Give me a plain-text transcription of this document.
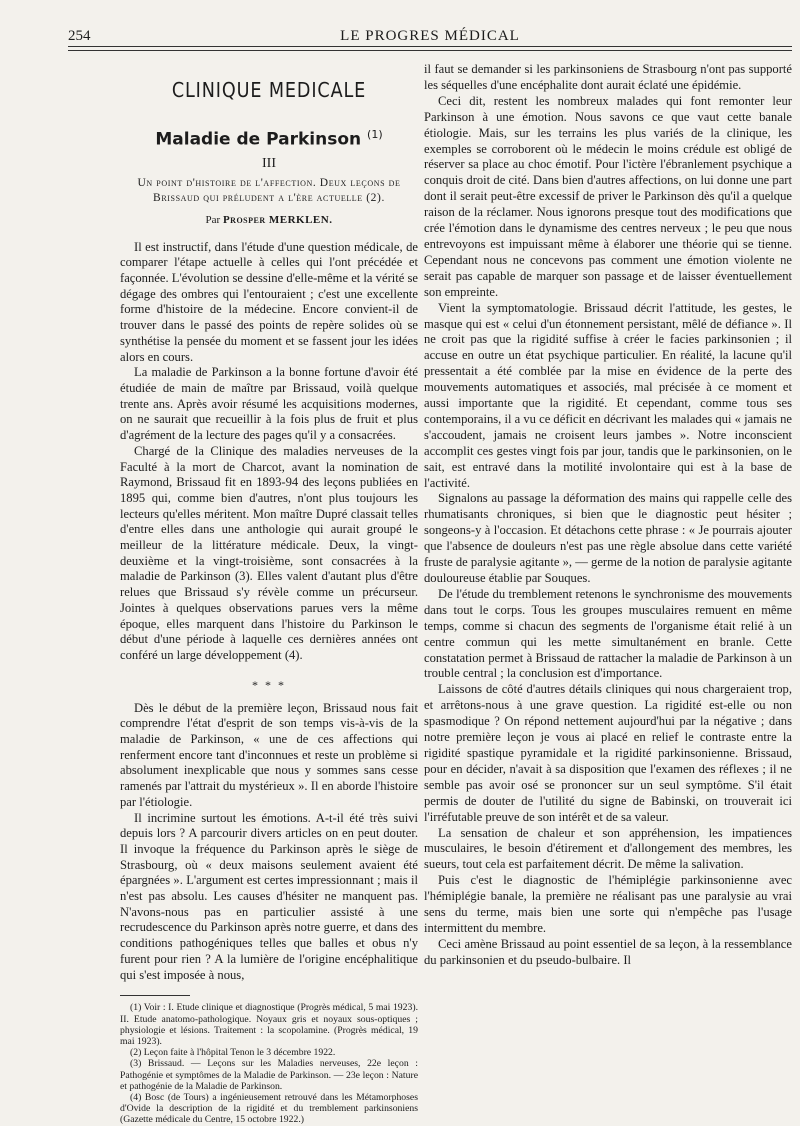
254	LE PROGRES MÉDICAL
CLINIQUE MEDICALE
Maladie de Parkinson $^{(1)}$
III
Un point d'histoire de l'affection. Deux leçons de Brissaud qui préludent a l'ère actuelle (2).
Par Prosper MERKLEN.

Il est instructif, dans l'étude d'une question médicale, de comparer l'étape actuelle à celles qui l'ont précédée et façonnée. L'évolution se dessine d'elle-même et la vérité se dégage des ombres qui l'entouraient ; c'est une excellente forme d'histoire de la médecine. Encore convient-il de trouver dans le passé des points de repère solides où se synthétise la pensée du moment et se fassent jour les idées alors en cours.

La maladie de Parkinson a la bonne fortune d'avoir été étudiée de main de maître par Brissaud, voilà quelque trente ans. Après avoir résumé les acquisitions modernes, on ne saurait que recueillir à la fois plus de fruit et plus d'agrément de la lecture des pages qu'il y a consacrées.

Chargé de la Clinique des maladies nerveuses de la Faculté à la mort de Charcot, avant la nomination de Raymond, Brissaud fit en 1893-94 des leçons publiées en 1895 qui, comme bien d'autres, n'ont plus toujours les lecteurs qu'elles méritent. Mon maître Dupré classait telles d'entre elles dans une anthologie qui aurait groupé le meilleur de la littérature médicale. Deux, la vingt-deuxième et la vingt-troisième, sont consacrées à la maladie de Parkinson (3). Elles valent d'autant plus d'être relues que Brissaud s'y révèle comme un précurseur. Jointes à quelques observations parues vers la même époque, elles marquent dans l'histoire du Parkinson le début d'une période à laquelle ces dernières années ont conféré un large développement (4).

* * *

Dès le début de la première leçon, Brissaud nous fait comprendre l'état d'esprit de son temps vis-à-vis de la maladie de Parkinson, « une de ces affections qui renferment encore tant d'inconnues et reste un problème si absolument inexplicable que nous y sommes sans cesse ramenés par l'attrait du mystérieux ». Il en aborde l'histoire par l'étiologie.

Il incrimine surtout les émotions. A-t-il été très suivi depuis lors ? A parcourir divers articles on en peut douter. Il invoque la fréquence du Parkinson après le siège de Strasbourg, où « deux maisons seulement avaient été épargnées ». L'argument est certes impressionnant ; mais il n'est pas absolu. Les causes d'hésiter ne manquent pas. N'avons-nous pas en particulier assisté à une recrudescence du Parkinson après notre guerre, et dans des conditions pathogéniques telles que balles et obus n'y furent pour rien ? A la lumière de l'origine encéphalitique qui s'est imposée à nous,

(1) Voir : I. Etude clinique et diagnostique (Progrès médical, 5 mai 1923). II. Etude anatomo-pathologique. Noyaux gris et noyaux sous-optiques ; physiologie et lésions. Traitement : la scopolamine. (Progrès médical, 19 mai 1923).

(2) Leçon faite à l'hôpital Tenon le 3 décembre 1922.

(3) Brissaud. — Leçons sur les Maladies nerveuses, 22e leçon : Pathogénie et symptômes de la Maladie de Parkinson. — 23e leçon : Nature et pathogénie de la Maladie de Parkinson.

(4) Bosc (de Tours) a ingénieusement retrouvé dans les Métamorphoses d'Ovide la description de la rigidité et du tremblement parkinsoniens (Gazette médicale du Centre, 15 octobre 1922.)

il faut se demander si les parkinsoniens de Strasbourg n'ont pas supporté les séquelles d'une encéphalite dont aurait éclaté une épidémie.

Ceci dit, restent les nombreux malades qui font remonter leur Parkinson à une émotion. Nous savons ce que vaut cette banale étiologie. Mais, sur les terrains les plus variés de la clinique, les exemples se corroborent où le médecin le moins crédule est obligé de réserver sa place au choc émotif. Pour l'ictère l'ébranlement psychique a conquis droit de cité. Dans bien d'autres affections, on lui donne une part dont il serait peut-être excessif de priver le Parkinson dès qu'il a quelque raison de la réclamer. Nous ignorons presque tout des modifications que crée l'émotion dans le dynamisme des centres nerveux ; le peu que nous entrevoyons est impuissant même à élaborer une théorie qui se tienne. Cependant nous ne concevons pas comment une émotion violente ne serait pas capable de marquer son passage et de laisser éventuellement son empreinte.

Vient la symptomatologie. Brissaud décrit l'attitude, les gestes, le masque qui est « celui d'un étonnement persistant, mêlé de défiance ». Il ne croit pas que la rigidité suffise à créer le facies parkinsonien ; il accuse en outre un état psychique particulier. En réalité, la lacune qu'il pressentait a été comblée par la mise en évidence de la perte des mouvements automatiques et associés, mal précisée à ce moment et aussi importante que la rigidité. Et cependant, comme tous ses contemporains, il a vu ce déficit en décrivant les malades qui « jamais ne s'accoudent, jamais ne croisent leurs jambes ». Notre inconscient accomplit ces gestes vingt fois par jour, tandis que le parkinsonien, on le sait, est entravé dans la motilité involontaire qui est à la base de l'activité.

Signalons au passage la déformation des mains qui rappelle celle des rhumatisants chroniques, si bien que le diagnostic peut hésiter ; songeons-y à l'occasion. Et détachons cette phrase : « Je pourrais ajouter que l'absence de douleurs n'est pas une règle absolue dans cette variété fruste de paralysie agitante », — germe de la notion de paralysie agitante douloureuse établie par Souques.

De l'étude du tremblement retenons le synchronisme des mouvements dans tout le corps. Tous les groupes musculaires remuent en même temps, comme si chacun des segments de l'organisme était relié à un centre commun qui les mette simultanément en branle. Cette constatation permet à Brissaud de rattacher la maladie de Parkinson à un trouble central ; la conclusion est d'importance.

Laissons de côté d'autres détails cliniques qui nous chargeraient trop, et arrêtons-nous à une grave question. La rigidité est-elle ou non spasmodique ? On répond nettement aujourd'hui par la négative ; dans notre première leçon je vous ai placé en relief le contraste entre la rigidité spastique pyramidale et la rigidité parkinsonienne. Brissaud, pour en décider, n'avait à sa disposition que l'examen des réflexes ; il ne semble pas avoir osé se prononcer sur un seul symptôme. S'il était permis de douter de l'utilité du signe de Babinski, on trouverait ici l'irréfutable preuve de son intérêt et de sa valeur.

La sensation de chaleur et son appréhension, les impatiences musculaires, le besoin d'étirement et d'allongement des membres, les sueurs, tout cela est parfaitement décrit. De même la salivation.

Puis c'est le diagnostic de l'hémiplégie parkinsonienne avec l'hémiplégie banale, la première ne réalisant pas une paralysie au vrai sens du terme, mais bien une sorte qui n'empêche pas l'usage intermittent du membre.

Ceci amène Brissaud au point essentiel de sa leçon, à la ressemblance du parkinsonien et du pseudo-bulbaire. Il
